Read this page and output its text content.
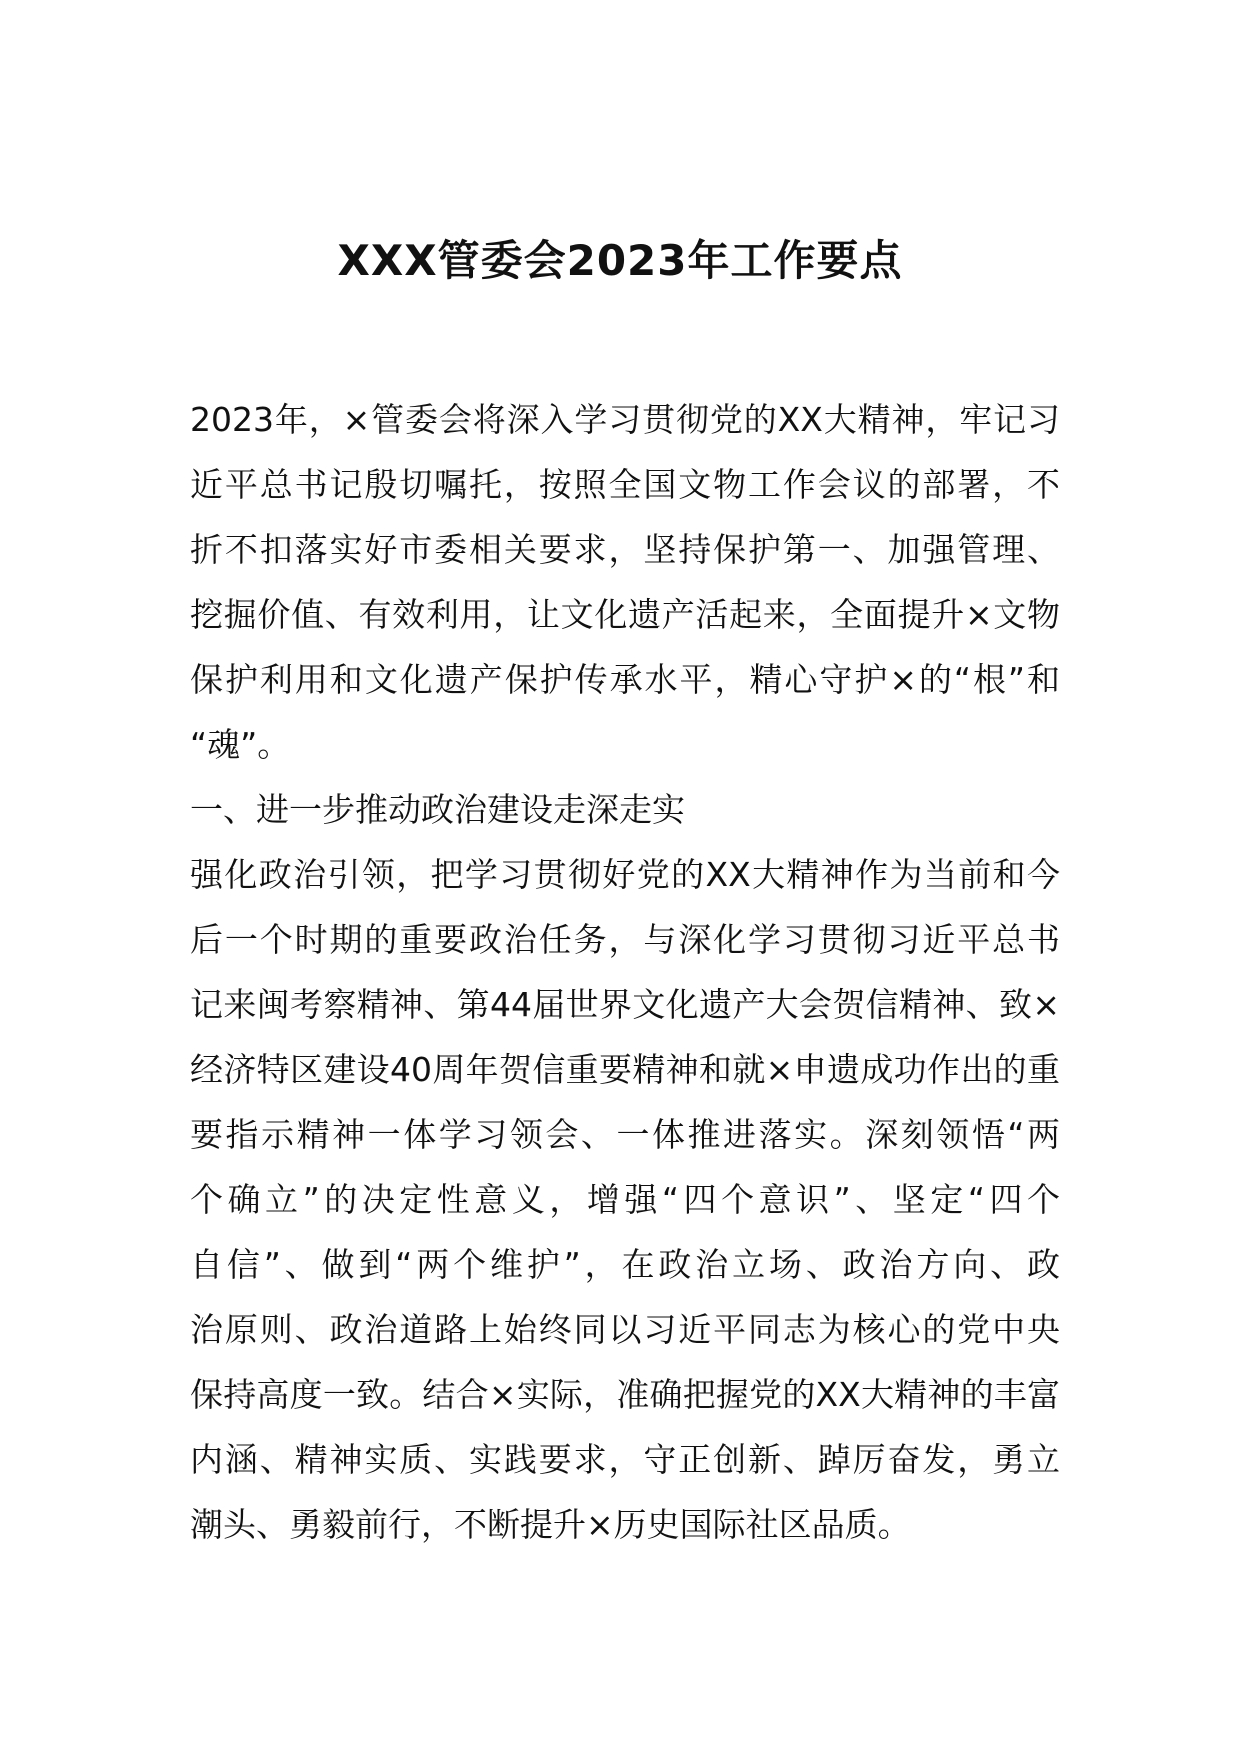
XXX管委会2023年工作要点
2023年，×管委会将深入学习贯彻党的XX大精神，牢记习
近平总书记殷切嘱托，按照全国文物工作会议的部署，不
折不扣落实好市委相关要求，坚持保护第一、加强管理、
挖掘价值、有效利用，让文化遗产活起来，全面提升×文物
保护利用和文化遗产保护传承水平，精心守护×的“根”和
“魂”。
一、进一步推动政治建设走深走实
强化政治引领，把学习贯彻好党的XX大精神作为当前和今
后一个时期的重要政治任务，与深化学习贯彻习近平总书
记来闽考察精神、第44届世界文化遗产大会贺信精神、致×
经济特区建设40周年贺信重要精神和就×申遗成功作出的重
要指示精神一体学习领会、一体推进落实。深刻领悟“两
个确立”的决定性意义，增强“四个意识”、坚定“四个
自信”、做到“两个维护”，在政治立场、政治方向、政
治原则、政治道路上始终同以习近平同志为核心的党中央
保持高度一致。结合×实际，准确把握党的XX大精神的丰富
内涵、精神实质、实践要求，守正创新、踔厉奋发，勇立
潮头、勇毅前行，不断提升×历史国际社区品质。
